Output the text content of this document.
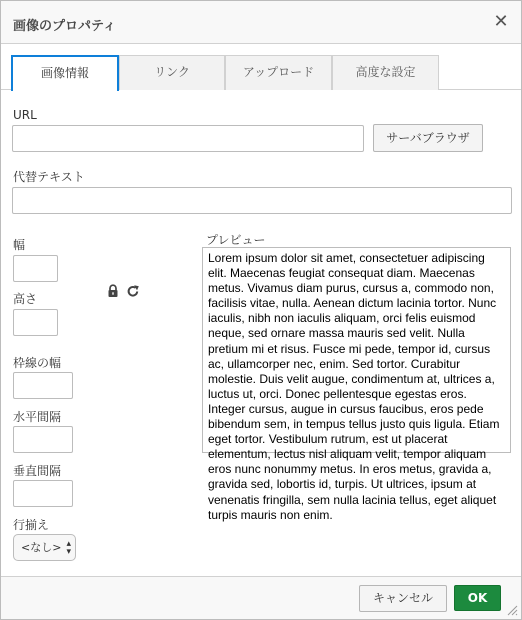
画像のプロパティ	✕
画像情報	リンク	アップロード	高度な設定
URL
サーバブラウザ
代替テキスト
幅
高さ
枠線の幅
水平間隔
垂直間隔
行揃え
<なし> ▴
▾
プレビュー
Lorem ipsum dolor sit amet, consectetuer adipiscing elit. Maecenas feugiat consequat diam. Maecenas metus. Vivamus diam purus, cursus a, commodo non, facilisis vitae, nulla. Aenean dictum lacinia tortor. Nunc iaculis, nibh non iaculis aliquam, orci felis euismod neque, sed ornare massa mauris sed velit. Nulla pretium mi et risus. Fusce mi pede, tempor id, cursus ac, ullamcorper nec, enim. Sed tortor. Curabitur molestie. Duis velit augue, condimentum at, ultrices a, luctus ut, orci. Donec pellentesque egestas eros. Integer cursus, augue in cursus faucibus, eros pede bibendum sem, in tempus tellus justo quis ligula. Etiam eget tortor. Vestibulum rutrum, est ut placerat elementum, lectus nisl aliquam velit, tempor aliquam eros nunc nonummy metus. In eros metus, gravida a, gravida sed, lobortis id, turpis. Ut ultrices, ipsum at venenatis fringilla, sem nulla lacinia tellus, eget aliquet turpis mauris non enim.
キャンセル	OK
